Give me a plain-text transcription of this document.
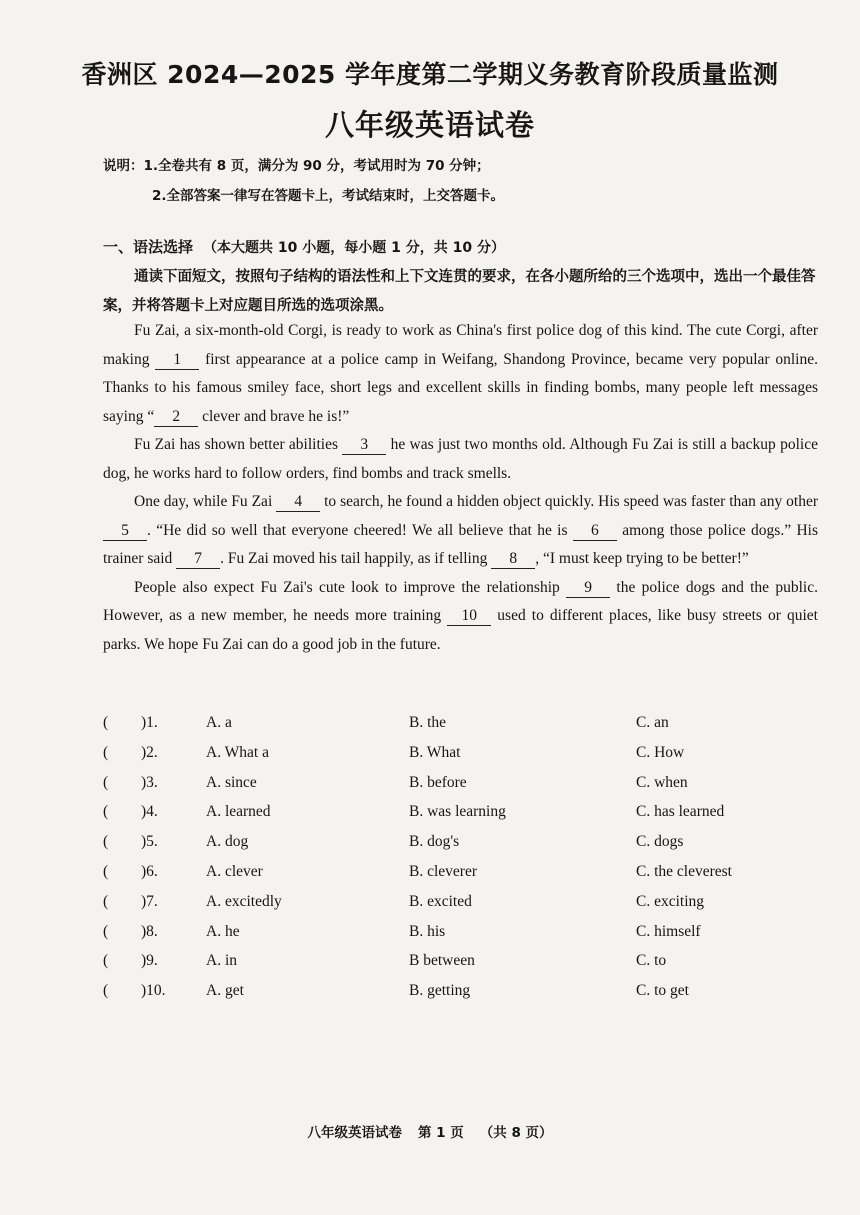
香洲区 2024—2025 学年度第二学期义务教育阶段质量监测
八年级英语试卷
说明：1.全卷共有 8 页，满分为 90 分，考试用时为 70 分钟；
2.全部答案一律写在答题卡上，考试结束时，上交答题卡。
一、语法选择 （本大题共 10 小题，每小题 1 分，共 10 分）

通读下面短文，按照句子结构的语法性和上下文连贯的要求，在各小题所给的三个选项中，选出一个最佳答案，并将答题卡上对应题目所选的选项涂黑。

Fu Zai, a six-month-old Corgi, is ready to work as China's first police dog of this kind. The cute Corgi, after making 1 first appearance at a police camp in Weifang, Shandong Province, became very popular online. Thanks to his famous smiley face, short legs and excellent skills in finding bombs, many people left messages saying “ 2 clever and brave he is!”

Fu Zai has shown better abilities 3 he was just two months old. Although Fu Zai is still a backup police dog, he works hard to follow orders, find bombs and track smells.

One day, while Fu Zai 4 to search, he found a hidden object quickly. His speed was faster than any other 5 . “He did so well that everyone cheered! We all believe that he is 6 among those police dogs.” His trainer said 7 . Fu Zai moved his tail happily, as if telling 8 , “I must keep trying to be better!”

People also expect Fu Zai's cute look to improve the relationship 9 the police dogs and the public. However, as a new member, he needs more training 10 used to different places, like busy streets or quiet parks. We hope Fu Zai can do a good job in the future.

( )1.	A. a	B. the	C. an
( )2.	A. What a	B. What	C. How
( )3.	A. since	B. before	C. when
( )4.	A. learned	B. was learning	C. has learned
( )5.	A. dog	B. dog's	C. dogs
( )6.	A. clever	B. cleverer	C. the cleverest
( )7.	A. excitedly	B. excited	C. exciting
( )8.	A. he	B. his	C. himself
( )9.	A. in	B between	C. to
( )10.	A. get	B. getting	C. to get
八年级英语试卷 第 1 页 （共 8 页）
